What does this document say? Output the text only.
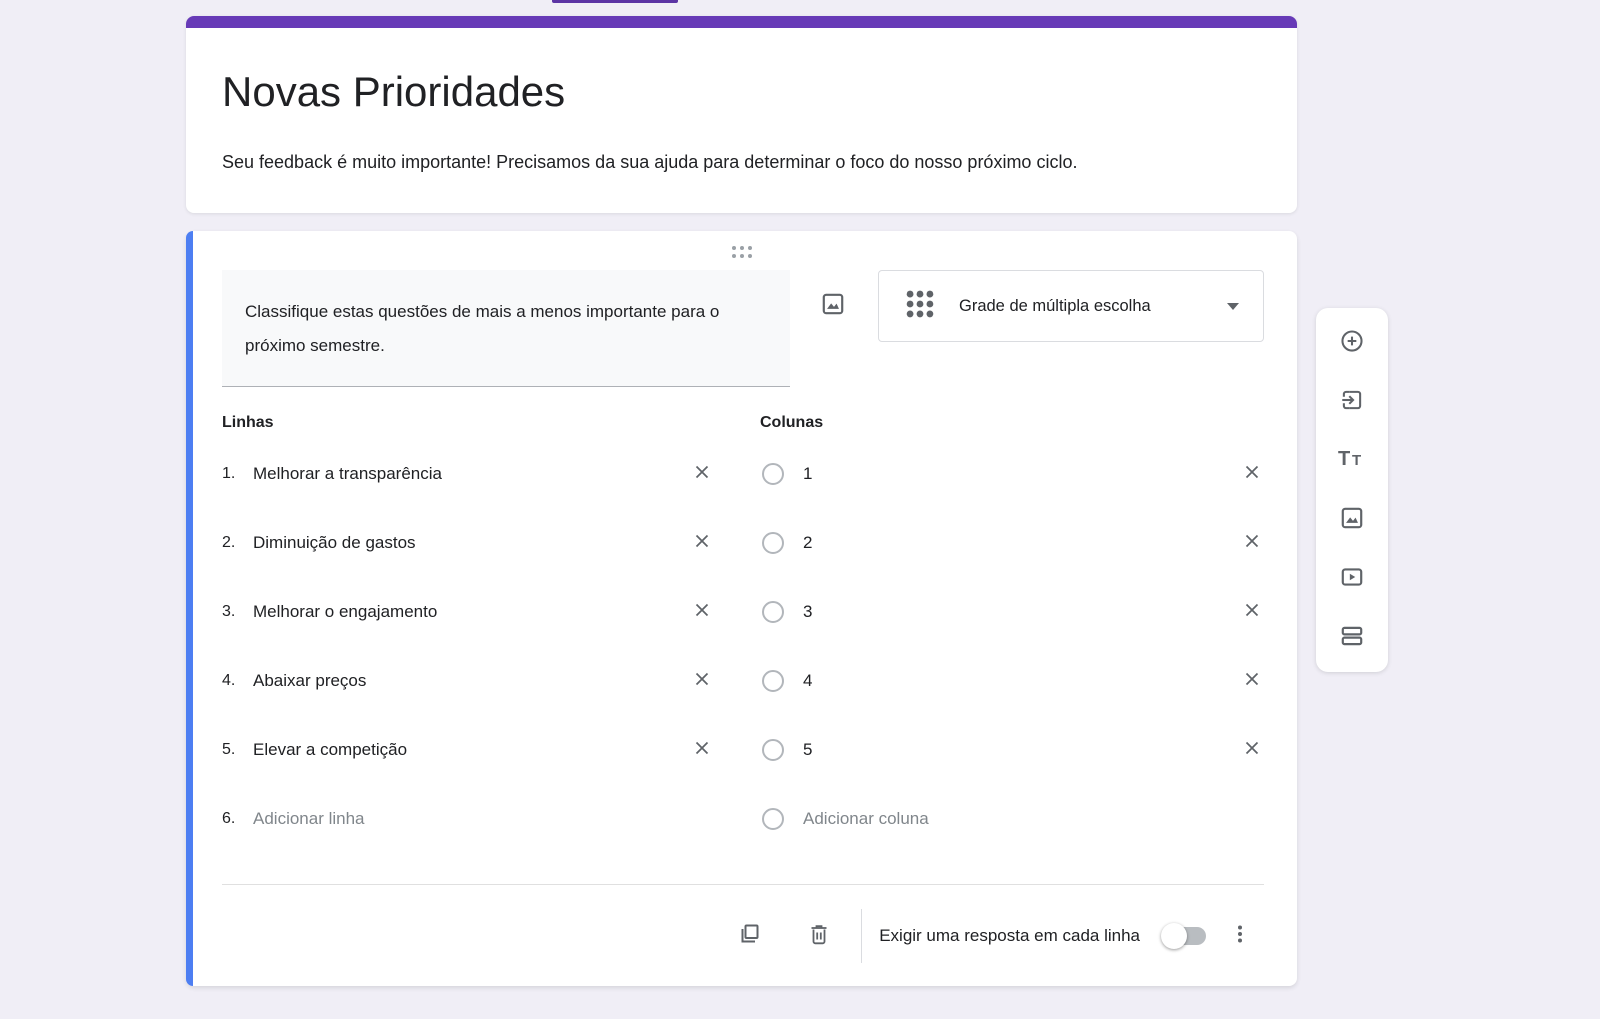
Novas Prioridades
Seu feedback é muito importante! Precisamos da sua ajuda para determinar o foco do nosso próximo ciclo.
Classifique estas questões de mais a menos importante para o próximo semestre.
Grade de múltipla escolha
Linhas	Colunas
1.	Melhorar a transparência	1
2.	Diminuição de gastos	2
3.	Melhorar o engajamento	3
4.	Abaixar preços	4
5.	Elevar a competição	5
6.	Adicionar linha	Adicionar coluna
Exigir uma resposta em cada linha
T T
